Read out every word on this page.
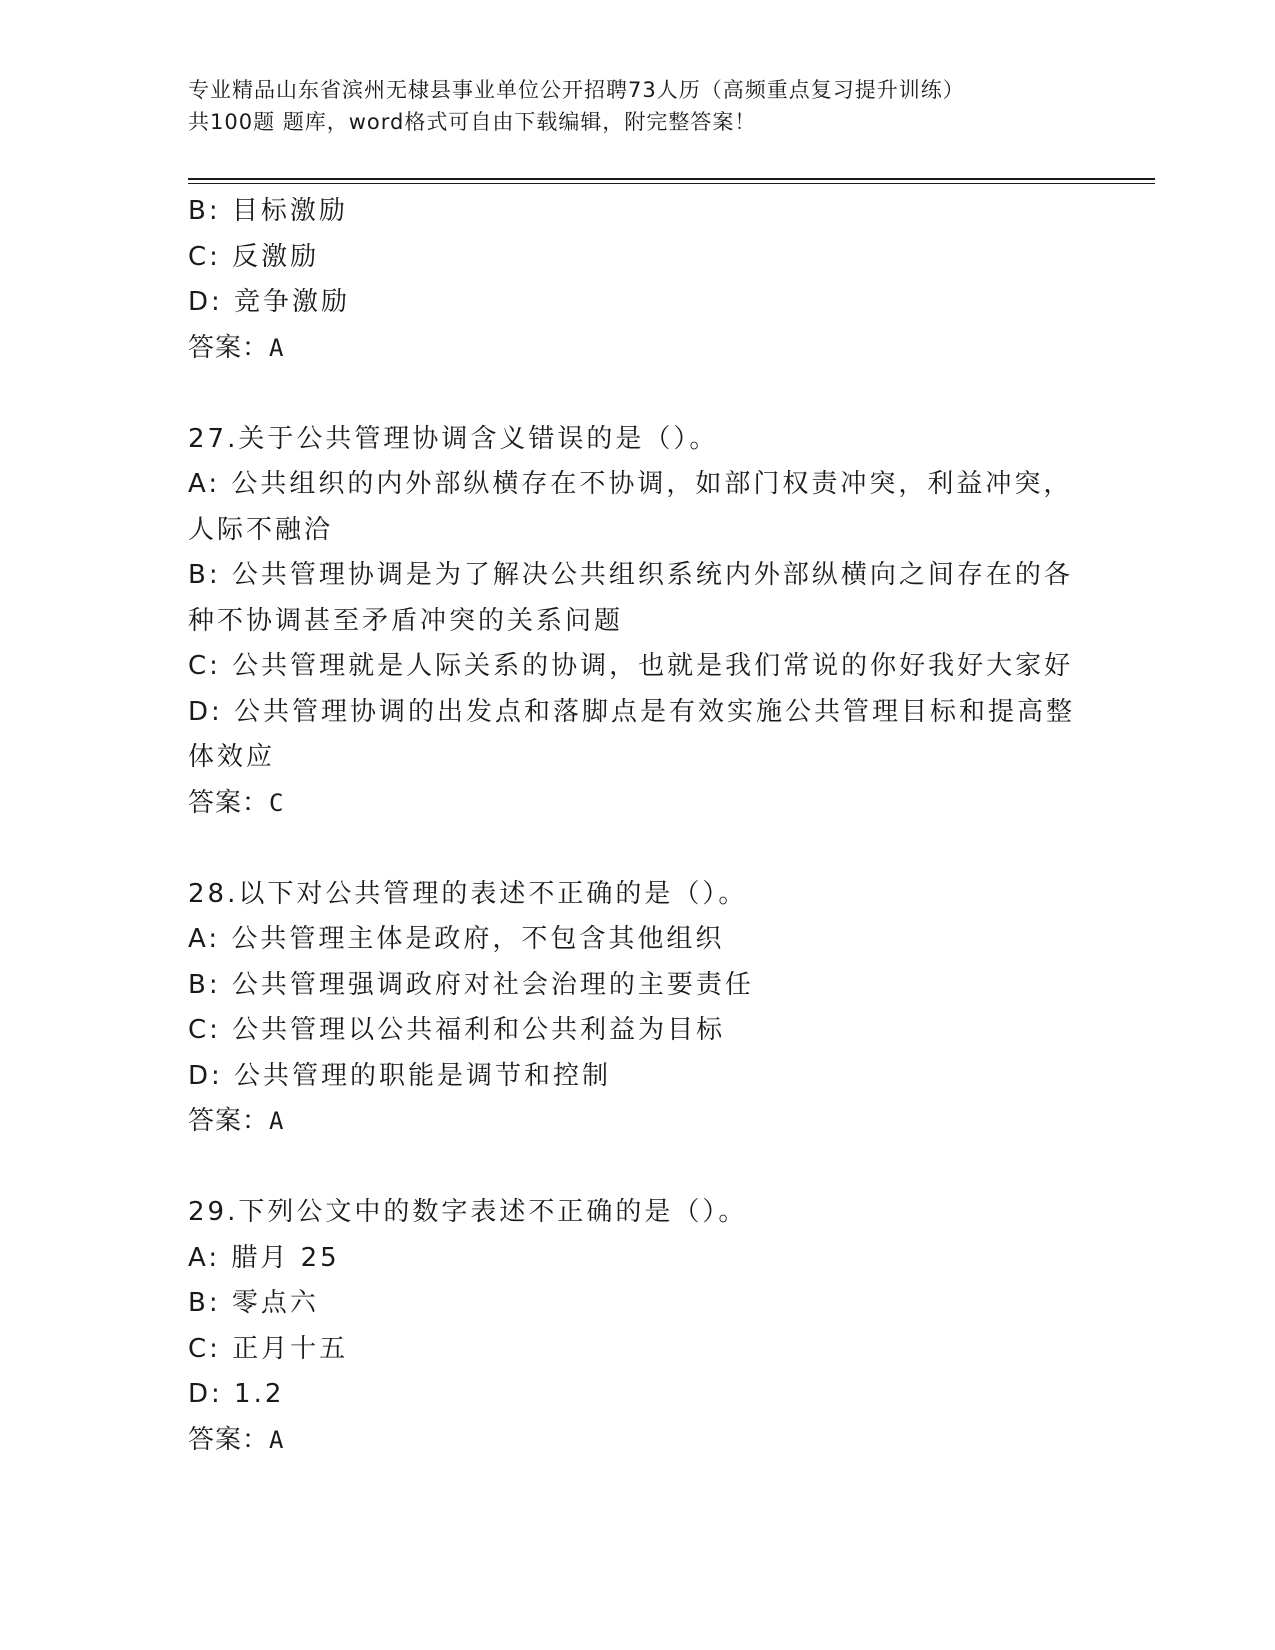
专业精品山东省滨州无棣县事业单位公开招聘73人历（高频重点复习提升训练）
共100题 题库，word格式可自由下载编辑，附完整答案！
B: 目标激励
C: 反激励
D: 竞争激励
答案：A
27.关于公共管理协调含义错误的是（）。
A: 公共组织的内外部纵横存在不协调，如部门权责冲突，利益冲突，
人际不融洽
B: 公共管理协调是为了解决公共组织系统内外部纵横向之间存在的各
种不协调甚至矛盾冲突的关系问题
C: 公共管理就是人际关系的协调，也就是我们常说的你好我好大家好
D: 公共管理协调的出发点和落脚点是有效实施公共管理目标和提高整
体效应
答案：C
28.以下对公共管理的表述不正确的是（）。
A: 公共管理主体是政府，不包含其他组织
B: 公共管理强调政府对社会治理的主要责任
C: 公共管理以公共福利和公共利益为目标
D: 公共管理的职能是调节和控制
答案：A
29.下列公文中的数字表述不正确的是（）。
A: 腊月 25
B: 零点六
C: 正月十五
D: 1.2
答案：A
